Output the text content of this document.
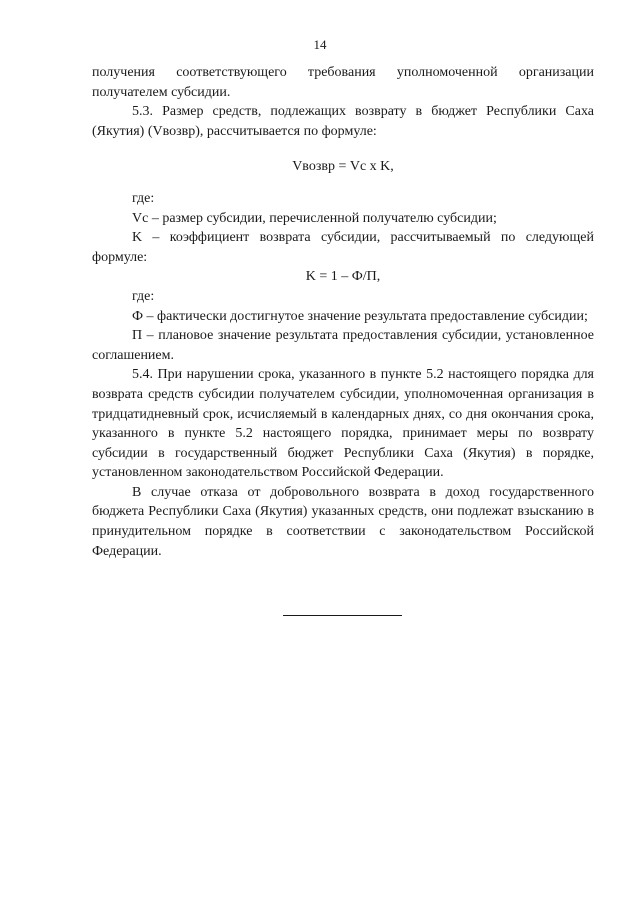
14

получения соответствующего требования уполномоченной организации получателем субсидии.

5.3. Размер средств, подлежащих возврату в бюджет Республики Саха (Якутия) (Vвозвр), рассчитывается по формуле:

Vвозвр = Vс х K,

где:

Vс – размер субсидии, перечисленной получателю субсидии;

K – коэффициент возврата субсидии, рассчитываемый по следующей формуле:

K = 1 – Ф/П,

где:

Ф – фактически достигнутое значение результата предоставление субсидии;

П – плановое значение результата предоставления субсидии, установленное соглашением.

5.4. При нарушении срока, указанного в пункте 5.2 настоящего порядка для возврата средств субсидии получателем субсидии, уполномоченная организация в тридцатидневный срок, исчисляемый в календарных днях, со дня окончания срока, указанного в пункте 5.2 настоящего порядка, принимает меры по возврату субсидии в государственный бюджет Республики Саха (Якутия) в порядке, установленном законодательством Российской Федерации.

В случае отказа от добровольного возврата в доход государственного бюджета Республики Саха (Якутия) указанных средств, они подлежат взысканию в принудительном порядке в соответствии с законодательством Российской Федерации.
